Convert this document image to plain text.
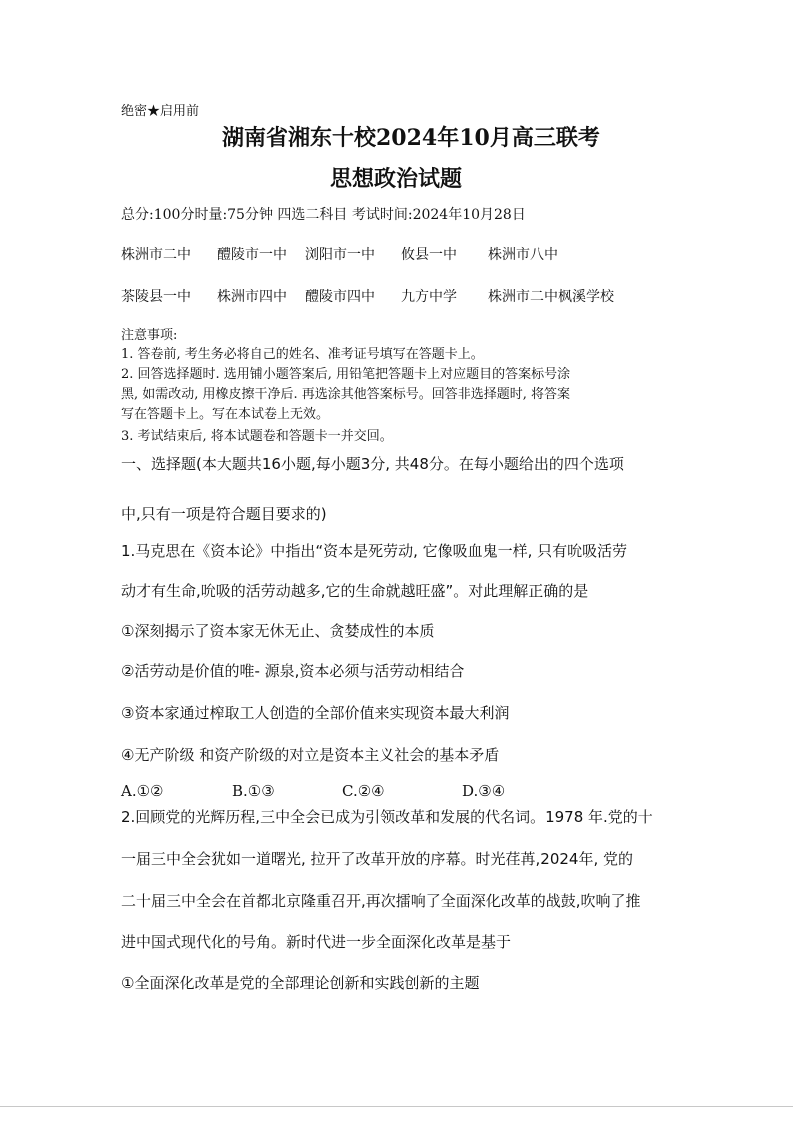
绝密★启用前
湖南省湘东十校2024年10月高三联考
思想政治试题
总分:100分时量:75分钟 四选二科目 考试时间:2024年10月28日
株洲市二中 醴陵市一中 浏阳市一中 攸县一中 株洲市八中
茶陵县一中 株洲市四中 醴陵市四中 九方中学 株洲市二中枫溪学校
注意事项:
1. 答卷前, 考生务必将自己的姓名、准考证号填写在答题卡上。
2. 回答选择题时. 选用铺小题答案后, 用铅笔把答题卡上对应题目的答案标号涂
黑, 如需改动, 用橡皮擦干净后. 再选涂其他答案标号。回答非选择题时, 将答案
写在答题卡上。写在本试卷上无效。
3. 考试结束后, 将本试题卷和答题卡一并交回。
一、选择题(本大题共16小题,每小题3分, 共48分。在每小题给出的四个选项
中,只有一项是符合题目要求的)
1.马克思在《资本论》中指出“资本是死劳动, 它像吸血鬼一样, 只有吮吸活劳
动才有生命,吮吸的活劳动越多,它的生命就越旺盛”。对此理解正确的是
①深刻揭示了资本家无休无止、贪婪成性的本质
②活劳动是价值的唯- 源泉,资本必须与活劳动相结合
③资本家通过榨取工人创造的全部价值来实现资本最大利润
④无产阶级 和资产阶级的对立是资本主义社会的基本矛盾
A.①②	B.①③	C.②④	D.③④
2.回顾党的光辉历程,三中全会已成为引领改革和发展的代名词。1978 年.党的十
一届三中全会犹如一道曙光, 拉开了改革开放的序幕。时光荏苒,2024年, 党的
二十届三中全会在首都北京隆重召开,再次擂响了全面深化改革的战鼓,吹响了推
进中国式现代化的号角。新时代进一步全面深化改革是基于
①全面深化改革是党的全部理论创新和实践创新的主题
